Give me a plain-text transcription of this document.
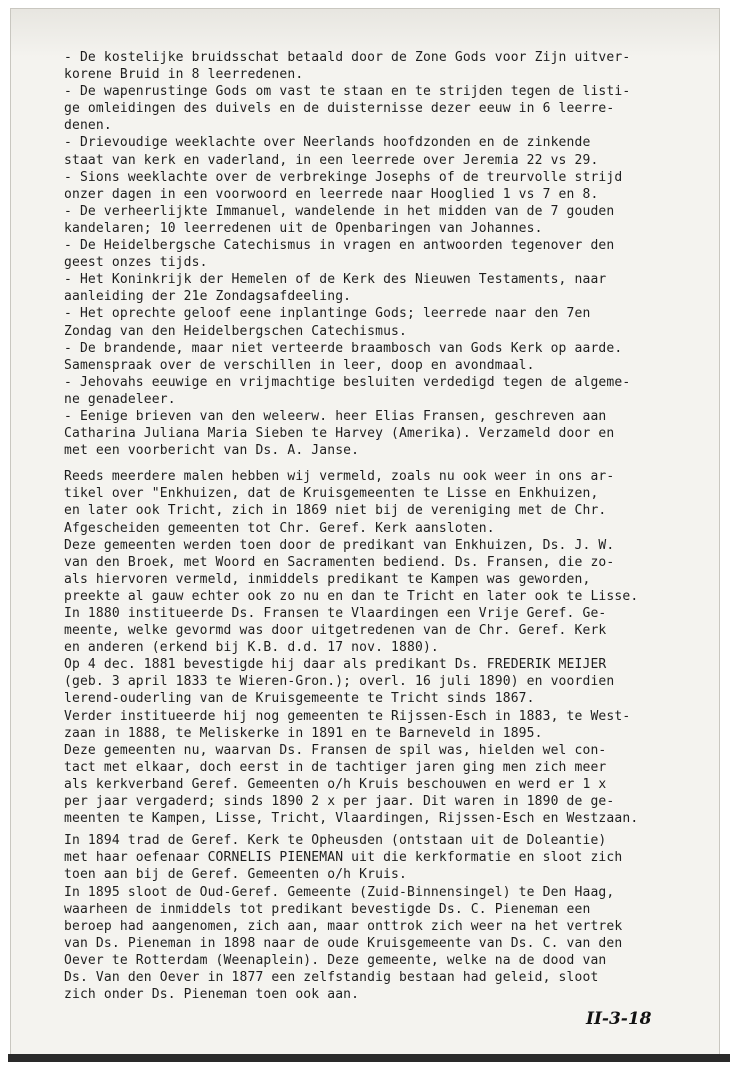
- De kostelijke bruidsschat betaald door de Zone Gods voor Zijn uitver-
korene Bruid in 8 leerredenen.
- De wapenrustinge Gods om vast te staan en te strijden tegen de listi-
ge omleidingen des duivels en de duisternisse dezer eeuw in 6 leerre-
denen.
- Drievoudige weeklachte over Neerlands hoofdzonden en de zinkende
staat van kerk en vaderland, in een leerrede over Jeremia 22 vs 29.
- Sions weeklachte over de verbrekinge Josephs of de treurvolle strijd
onzer dagen in een voorwoord en leerrede naar Hooglied 1 vs 7 en 8.
- De verheerlijkte Immanuel, wandelende in het midden van de 7 gouden
kandelaren; 10 leerredenen uit de Openbaringen van Johannes.
- De Heidelbergsche Catechismus in vragen en antwoorden tegenover den
geest onzes tijds.
- Het Koninkrijk der Hemelen of de Kerk des Nieuwen Testaments, naar
aanleiding der 21e Zondagsafdeeling.
- Het oprechte geloof eene inplantinge Gods; leerrede naar den 7en
Zondag van den Heidelbergschen Catechismus.
- De brandende, maar niet verteerde braambosch van Gods Kerk op aarde.
Samenspraak over de verschillen in leer, doop en avondmaal.
- Jehovahs eeuwige en vrijmachtige besluiten verdedigd tegen de algeme-
ne genadeleer.
- Eenige brieven van den weleerw. heer Elias Fransen, geschreven aan
Catharina Juliana Maria Sieben te Harvey (Amerika). Verzameld door en
met een voorbericht van Ds. A. Janse.
Reeds meerdere malen hebben wij vermeld, zoals nu ook weer in ons ar-
tikel over "Enkhuizen, dat de Kruisgemeenten te Lisse en Enkhuizen,
en later ook Tricht, zich in 1869 niet bij de vereniging met de Chr.
Afgescheiden gemeenten tot Chr. Geref. Kerk aansloten.
Deze gemeenten werden toen door de predikant van Enkhuizen, Ds. J. W.
van den Broek, met Woord en Sacramenten bediend. Ds. Fransen, die zo-
als hiervoren vermeld, inmiddels predikant te Kampen was geworden,
preekte al gauw echter ook zo nu en dan te Tricht en later ook te Lisse.
In 1880 institueerde Ds. Fransen te Vlaardingen een Vrije Geref. Ge-
meente, welke gevormd was door uitgetredenen van de Chr. Geref. Kerk
en anderen (erkend bij K.B. d.d. 17 nov. 1880).
Op 4 dec. 1881 bevestigde hij daar als predikant Ds. FREDERIK MEIJER
(geb. 3 april 1833 te Wieren-Gron.); overl. 16 juli 1890) en voordien
lerend-ouderling van de Kruisgemeente te Tricht sinds 1867.
Verder institueerde hij nog gemeenten te Rijssen-Esch in 1883, te West-
zaan in 1888, te Meliskerke in 1891 en te Barneveld in 1895.
Deze gemeenten nu, waarvan Ds. Fransen de spil was, hielden wel con-
tact met elkaar, doch eerst in de tachtiger jaren ging men zich meer
als kerkverband Geref. Gemeenten o/h Kruis beschouwen en werd er 1 x
per jaar vergaderd; sinds 1890 2 x per jaar. Dit waren in 1890 de ge-
meenten te Kampen, Lisse, Tricht, Vlaardingen, Rijssen-Esch en Westzaan.
In 1894 trad de Geref. Kerk te Opheusden (ontstaan uit de Doleantie)
met haar oefenaar CORNELIS PIENEMAN uit die kerkformatie en sloot zich
toen aan bij de Geref. Gemeenten o/h Kruis.
In 1895 sloot de Oud-Geref. Gemeente (Zuid-Binnensingel) te Den Haag,
waarheen de inmiddels tot predikant bevestigde Ds. C. Pieneman een
beroep had aangenomen, zich aan, maar onttrok zich weer na het vertrek
van Ds. Pieneman in 1898 naar de oude Kruisgemeente van Ds. C. van den
Oever te Rotterdam (Weenaplein). Deze gemeente, welke na de dood van
Ds. Van den Oever in 1877 een zelfstandig bestaan had geleid, sloot
zich onder Ds. Pieneman toen ook aan.
II-3-18
